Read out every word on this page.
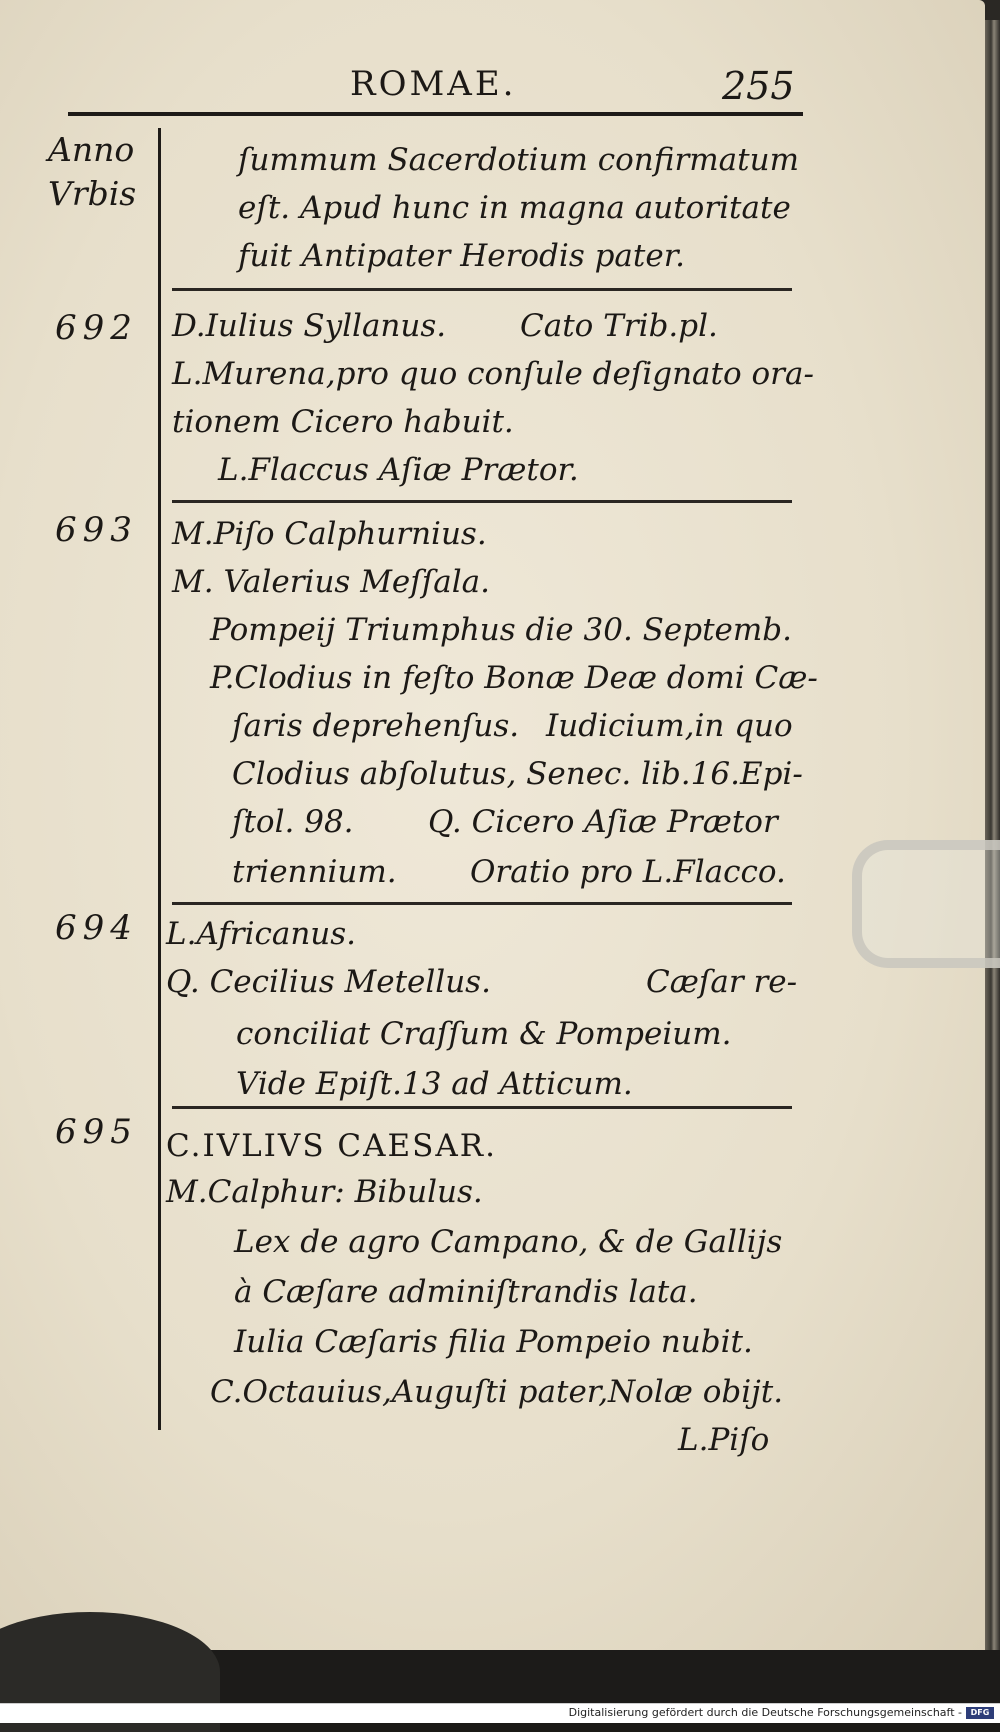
ROMAE.	255
Anno
Vrbis
ſummum Sacerdotium confirmatum
eſt. Apud hunc in magna autoritate
fuit Antipater Herodis pater.
692 D.Iulius Syllanus. Cato Trib.pl.
L.Murena,pro quo conſule deſignato ora-
tionem Cicero habuit.
L.Flaccus Aſiæ Prætor.
693 M.Piſo Calphurnius.
M. Valerius Meſſala.
Pompeij Triumphus die 30. Septemb.
P.Clodius in feſto Bonæ Deæ domi Cæ-
ſaris deprehenſus. Iudicium,in quo
Clodius abſolutus, Senec. lib.16.Epi-
ſtol. 98. Q. Cicero Aſiæ Prætor
triennium. Oratio pro L.Flacco.
694 L.Africanus.
Q. Cecilius Metellus.	Cæſar re-
conciliat Craſſum & Pompeium.
Vide Epiſt.13 ad Atticum.
695 C.IVLIVS CAESAR.
M.Calphur: Bibulus.
Lex de agro Campano, & de Gallijs
à Cæſare adminiſtrandis lata.
Iulia Cæſaris filia Pompeio nubit.
C.Octauius,Auguſti pater,Nolæ obijt.
L.Piſo
Digitalisierung gefördert durch die Deutsche Forschungsgemeinschaft -	DFG
